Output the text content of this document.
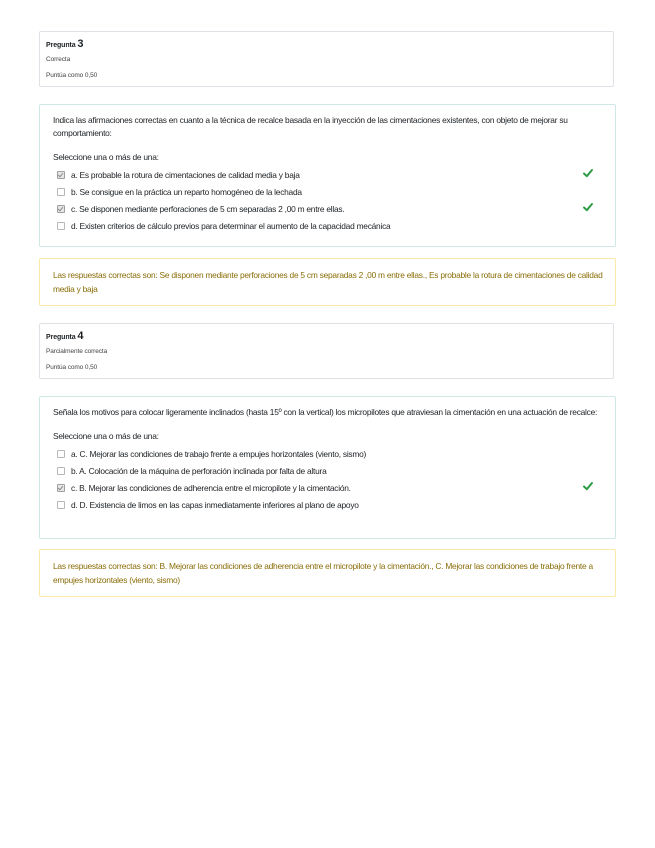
Pregunta 3
Correcta
Puntúa como 0,50
Indica las afirmaciones correctas en cuanto a la técnica de recalce basada en la inyección de las cimentaciones existentes, con objeto de mejorar su comportamiento:
Seleccione una o más de una:
a. Es probable la rotura de cimentaciones de calidad media y baja
b. Se consigue en la práctica un reparto homogéneo de la lechada
c. Se disponen mediante perforaciones de 5 cm separadas 2 ,00 m entre ellas.
d. Existen criterios de cálculo previos para determinar el aumento de la capacidad mecánica
Las respuestas correctas son: Se disponen mediante perforaciones de 5 cm separadas 2 ,00 m entre ellas., Es probable la rotura de cimentaciones de calidad media y baja
Pregunta 4
Parcialmente correcta
Puntúa como 0,50
Señala los motivos para colocar ligeramente inclinados (hasta 15º con la vertical) los micropilotes que atraviesan la cimentación en una actuación de recalce:
Seleccione una o más de una:
a. C. Mejorar las condiciones de trabajo frente a empujes horizontales (viento, sismo)
b. A. Colocación de la máquina de perforación inclinada por falta de altura
c. B. Mejorar las condiciones de adherencia entre el micropilote y la cimentación.
d. D. Existencia de limos en las capas inmediatamente inferiores al plano de apoyo
Las respuestas correctas son: B. Mejorar las condiciones de adherencia entre el micropilote y la cimentación., C. Mejorar las condiciones de trabajo frente a empujes horizontales (viento, sismo)
